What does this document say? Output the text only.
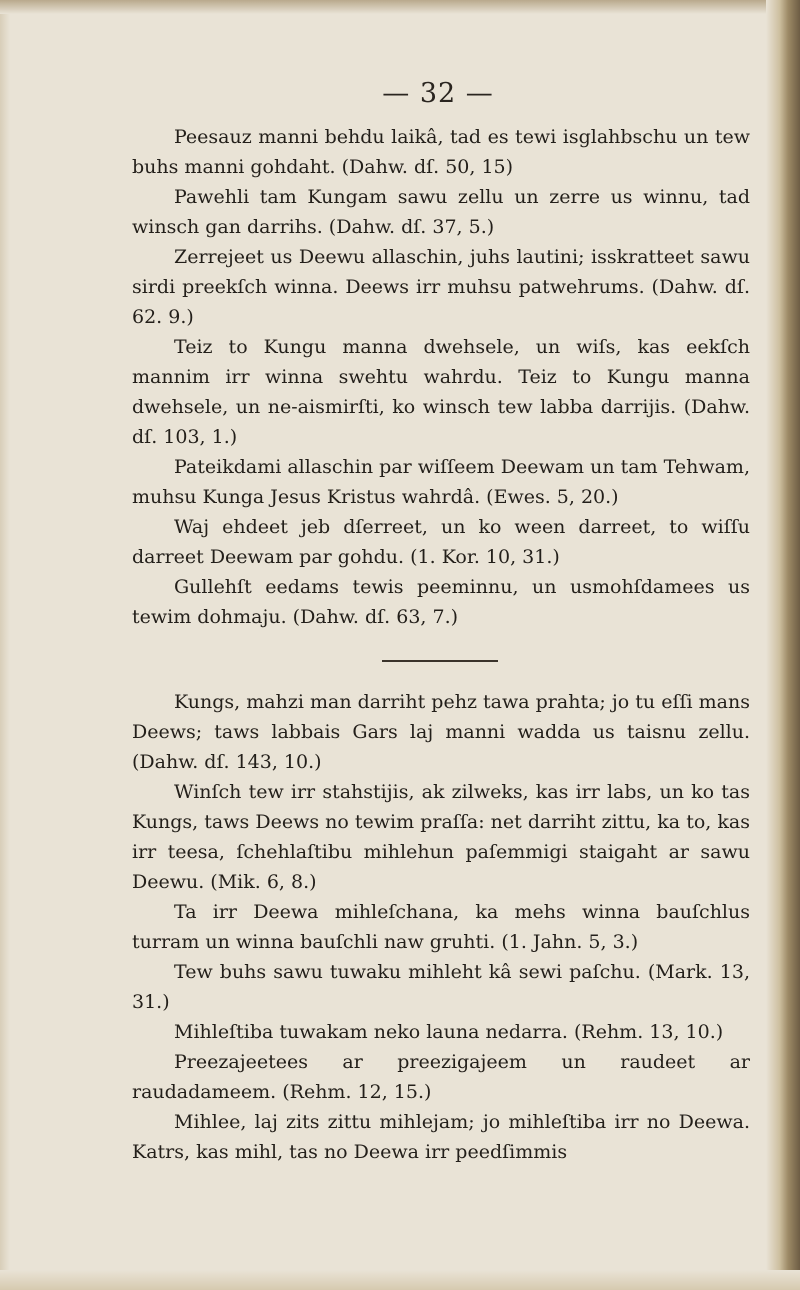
— 32 —

Peesauz manni behdu laikâ, tad es tewi isglahbschu un tew buhs manni gohdaht. (Dahw. dſ. 50, 15)

Pawehli tam Kungam sawu zellu un zerre us winnu, tad winsch gan darrihs. (Dahw. dſ. 37, 5.)

Zerrejeet us Deewu allaschin, juhs lautini; isskratteet sawu sirdi preekſch winna. Deews irr muhsu patwehrums. (Dahw. dſ. 62. 9.)

Teiz to Kungu manna dwehsele, un wiſs, kas eekſch mannim irr winna swehtu wahrdu. Teiz to Kungu manna dwehsele, un ne-aismirſti, ko winsch tew labba darrijis. (Dahw. dſ. 103, 1.)

Pateikdami allaschin par wiſſeem Deewam un tam Tehwam, muhsu Kunga Jesus Kristus wahrdâ. (Ewes. 5, 20.)

Waj ehdeet jeb dſerreet, un ko ween darreet, to wiſſu darreet Deewam par gohdu. (1. Kor. 10, 31.)

Gullehſt eedams tewis peeminnu, un usmohſdamees us tewim dohmaju. (Dahw. dſ. 63, 7.)

Kungs, mahzi man darriht pehz tawa prahta; jo tu eſſi mans Deews; taws labbais Gars laj manni wadda us taisnu zellu. (Dahw. dſ. 143, 10.)

Winſch tew irr stahstijis, ak zilweks, kas irr labs, un ko tas Kungs, taws Deews no tewim praſſa: net darriht zittu, ka to, kas irr teesa, ſchehlaſtibu mihlehun paſemmigi staigaht ar sawu Deewu. (Mik. 6, 8.)

Ta irr Deewa mihleſchana, ka mehs winna bauſchlus turram un winna bauſchli naw gruhti. (1. Jahn. 5, 3.)

Tew buhs sawu tuwaku mihleht kâ sewi paſchu. (Mark. 13, 31.)

Mihleſtiba tuwakam neko launa nedarra. (Rehm. 13, 10.)

Preezajeetees ar preezigajeem un raudeet ar raudadameem. (Rehm. 12, 15.)

Mihlee, laj zits zittu mihlejam; jo mihleſtiba irr no Deewa. Katrs, kas mihl, tas no Deewa irr peedſimmis
